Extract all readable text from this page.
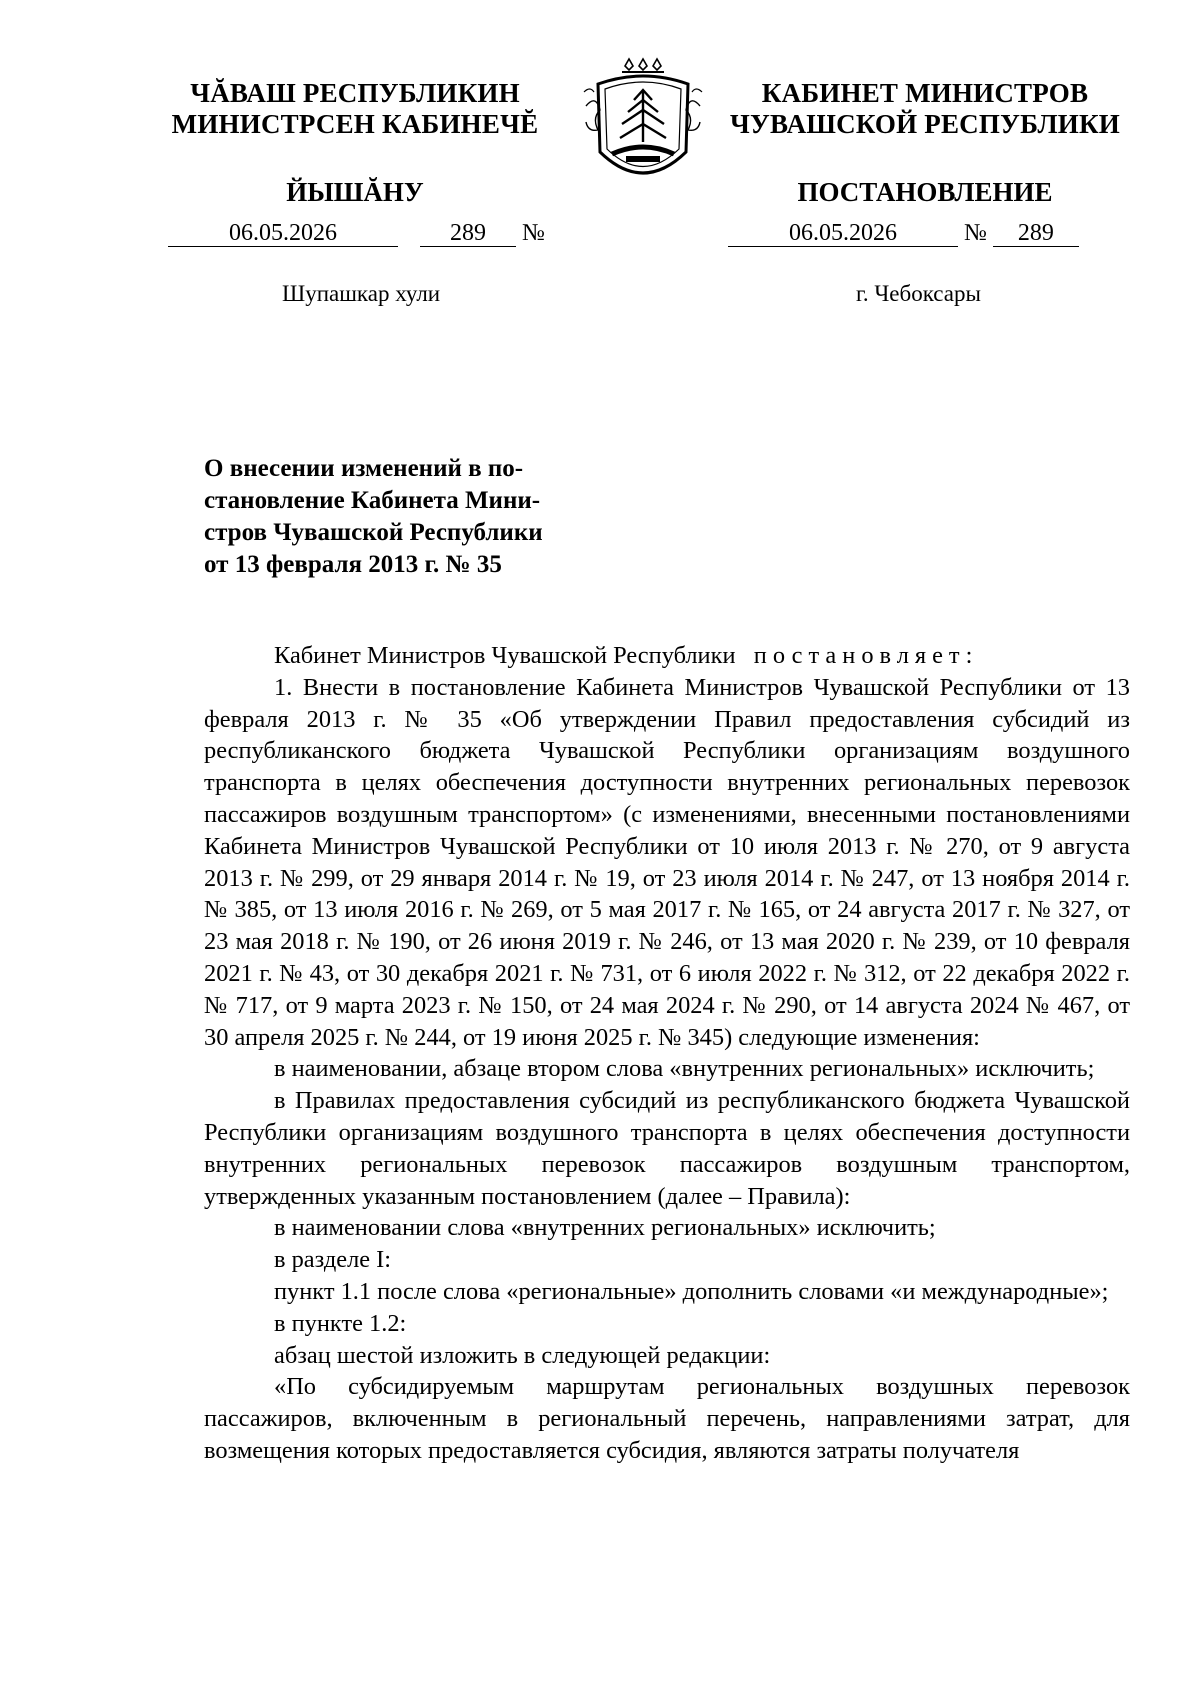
ЧĂВАШ РЕСПУБЛИКИН
МИНИСТРСЕН КАБИНЕЧĔ
ЙЫШĂНУ
КАБИНЕТ МИНИСТРОВ
ЧУВАШСКОЙ РЕСПУБЛИКИ
ПОСТАНОВЛЕНИЕ
06.05.2026	289 №	06.05.2026	№ 289
Шупашкар хули	г. Чебоксары
О внесении изменений в по-
становление Кабинета Мини-
стров Чувашской Республики
от 13 февраля 2013 г. № 35

Кабинет Министров Чувашской Республики постановляет:

1. Внести в постановление Кабинета Министров Чувашской Республики от 13 февраля 2013 г. № 35 «Об утверждении Правил предоставления субсидий из республиканского бюджета Чувашской Республики организациям воздушного транспорта в целях обеспечения доступности внутренних региональных перевозок пассажиров воздушным транспортом» (с изменениями, внесенными постановлениями Кабинета Министров Чувашской Республики от 10 июля 2013 г. № 270, от 9 августа 2013 г. № 299, от 29 января 2014 г. № 19, от 23 июля 2014 г. № 247, от 13 ноября 2014 г. № 385, от 13 июля 2016 г. № 269, от 5 мая 2017 г. № 165, от 24 августа 2017 г. № 327, от 23 мая 2018 г. № 190, от 26 июня 2019 г. № 246, от 13 мая 2020 г. № 239, от 10 февраля 2021 г. № 43, от 30 декабря 2021 г. № 731, от 6 июля 2022 г. № 312, от 22 декабря 2022 г. № 717, от 9 марта 2023 г. № 150, от 24 мая 2024 г. № 290, от 14 августа 2024 № 467, от 30 апреля 2025 г. № 244, от 19 июня 2025 г. № 345) следующие изменения:

в наименовании, абзаце втором слова «внутренних региональных» исключить;

в Правилах предоставления субсидий из республиканского бюджета Чувашской Республики организациям воздушного транспорта в целях обеспечения доступности внутренних региональных перевозок пассажиров воздушным транспортом, утвержденных указанным постановлением (далее – Правила):

в наименовании слова «внутренних региональных» исключить;

в разделе I:

пункт 1.1 после слова «региональные» дополнить словами «и международные»;

в пункте 1.2:

абзац шестой изложить в следующей редакции:

«По субсидируемым маршрутам региональных воздушных перевозок пассажиров, включенным в региональный перечень, направлениями затрат, для возмещения которых предоставляется субсидия, являются затраты получателя
